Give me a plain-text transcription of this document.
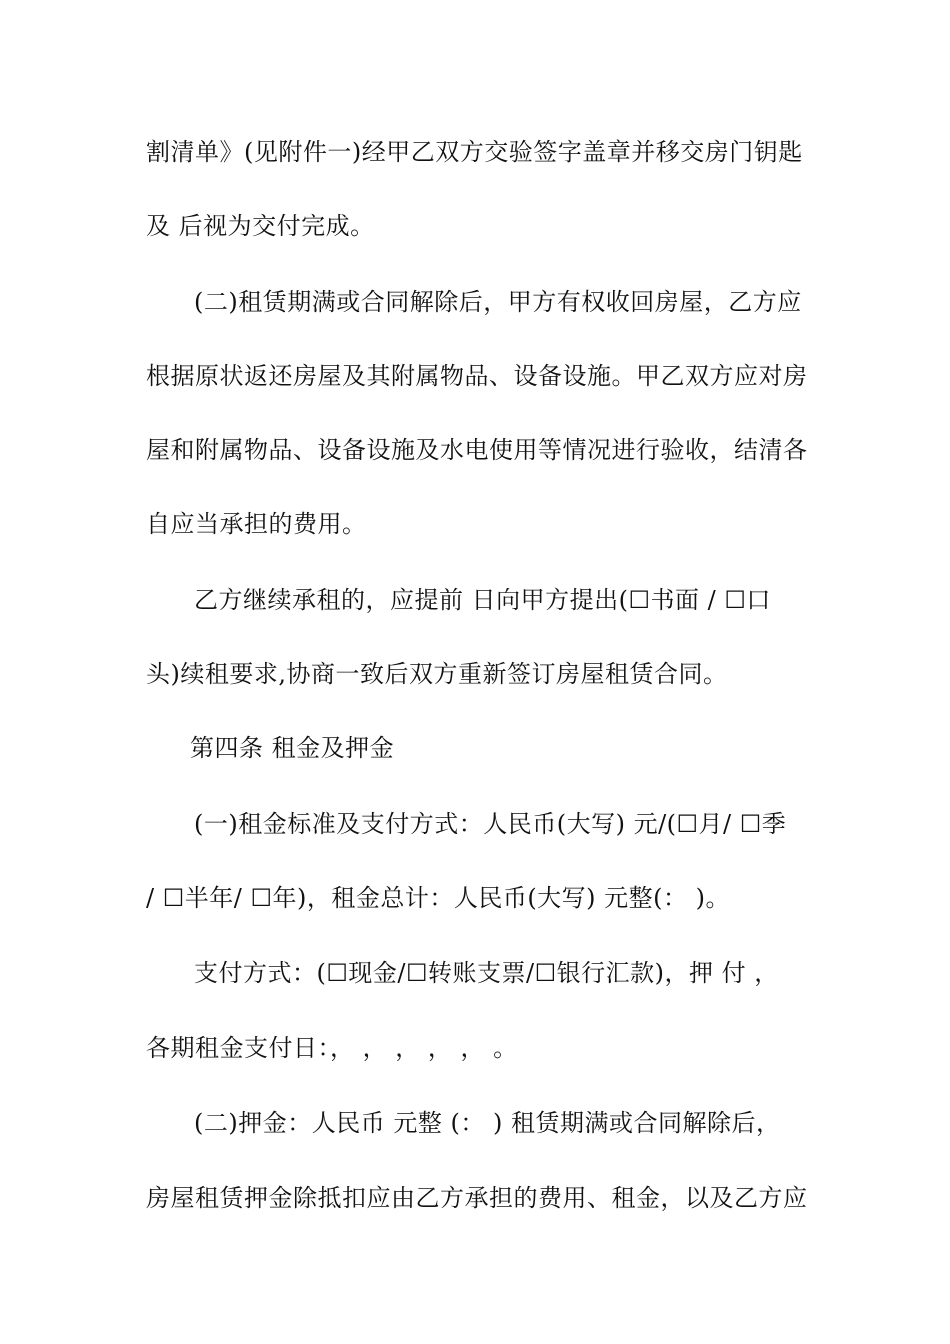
割清单》(见附件一)经甲乙双方交验签字盖章并移交房门钥匙
及 后视为交付完成。
(二)租赁期满或合同解除后，甲方有权收回房屋，乙方应
根据原状返还房屋及其附属物品、设备设施。甲乙双方应对房
屋和附属物品、设备设施及水电使用等情况进行验收，结清各
自应当承担的费用。
乙方继续承租的，应提前 日向甲方提出(☐书面 / ☐口
头)续租要求,协商一致后双方重新签订房屋租赁合同。
第四条 租金及押金
(一)租金标准及支付方式：人民币(大写) 元/(☐月/ ☐季
/ ☐半年/ ☐年)，租金总计：人民币(大写) 元整(： )。
支付方式：(☐现金/☐转账支票/☐银行汇款)，押 付 ，
各期租金支付日：， ， ， ， ， 。
(二)押金：人民币 元整 (： ) 租赁期满或合同解除后，
房屋租赁押金除抵扣应由乙方承担的费用、租金，以及乙方应
